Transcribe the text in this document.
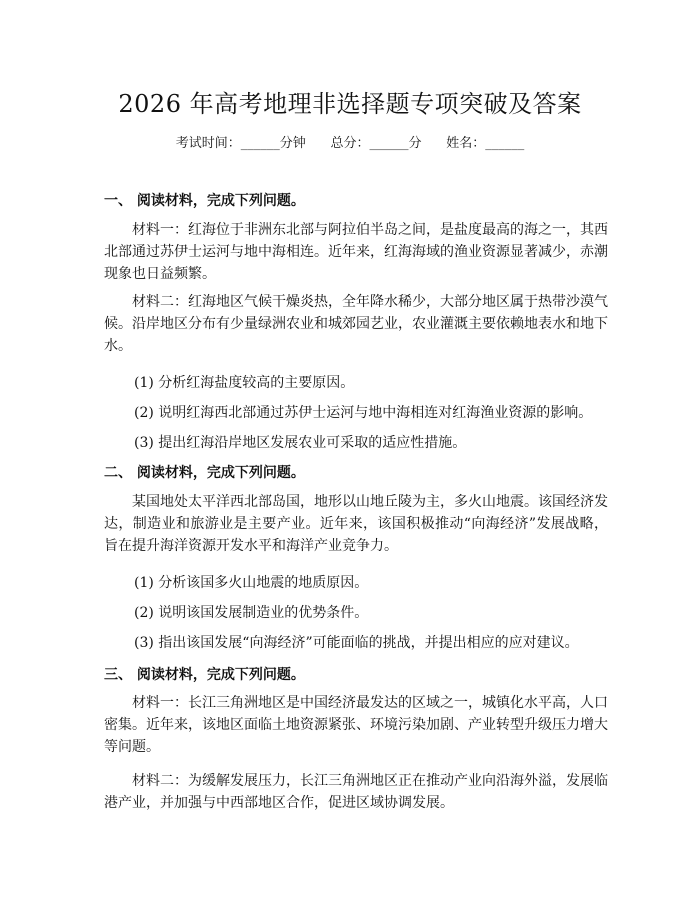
2026 年高考地理非选择题专项突破及答案
考试时间：______分钟      总分：______分      姓名：______
一、 阅读材料，完成下列问题。
材料一：红海位于非洲东北部与阿拉伯半岛之间，是盐度最高的海之一，其西北部通过苏伊士运河与地中海相连。近年来，红海海域的渔业资源显著减少，赤潮现象也日益频繁。
材料二：红海地区气候干燥炎热，全年降水稀少，大部分地区属于热带沙漠气候。沿岸地区分布有少量绿洲农业和城郊园艺业，农业灌溉主要依赖地表水和地下水。
(1) 分析红海盐度较高的主要原因。
(2) 说明红海西北部通过苏伊士运河与地中海相连对红海渔业资源的影响。
(3) 提出红海沿岸地区发展农业可采取的适应性措施。
二、 阅读材料，完成下列问题。
某国地处太平洋西北部岛国，地形以山地丘陵为主，多火山地震。该国经济发达，制造业和旅游业是主要产业。近年来，该国积极推动“向海经济”发展战略，旨在提升海洋资源开发水平和海洋产业竞争力。
(1) 分析该国多火山地震的地质原因。
(2) 说明该国发展制造业的优势条件。
(3) 指出该国发展“向海经济”可能面临的挑战，并提出相应的应对建议。
三、 阅读材料，完成下列问题。
材料一：长江三角洲地区是中国经济最发达的区域之一，城镇化水平高，人口密集。近年来，该地区面临土地资源紧张、环境污染加剧、产业转型升级压力增大等问题。
材料二：为缓解发展压力，长江三角洲地区正在推动产业向沿海外溢，发展临港产业，并加强与中西部地区合作，促进区域协调发展。
